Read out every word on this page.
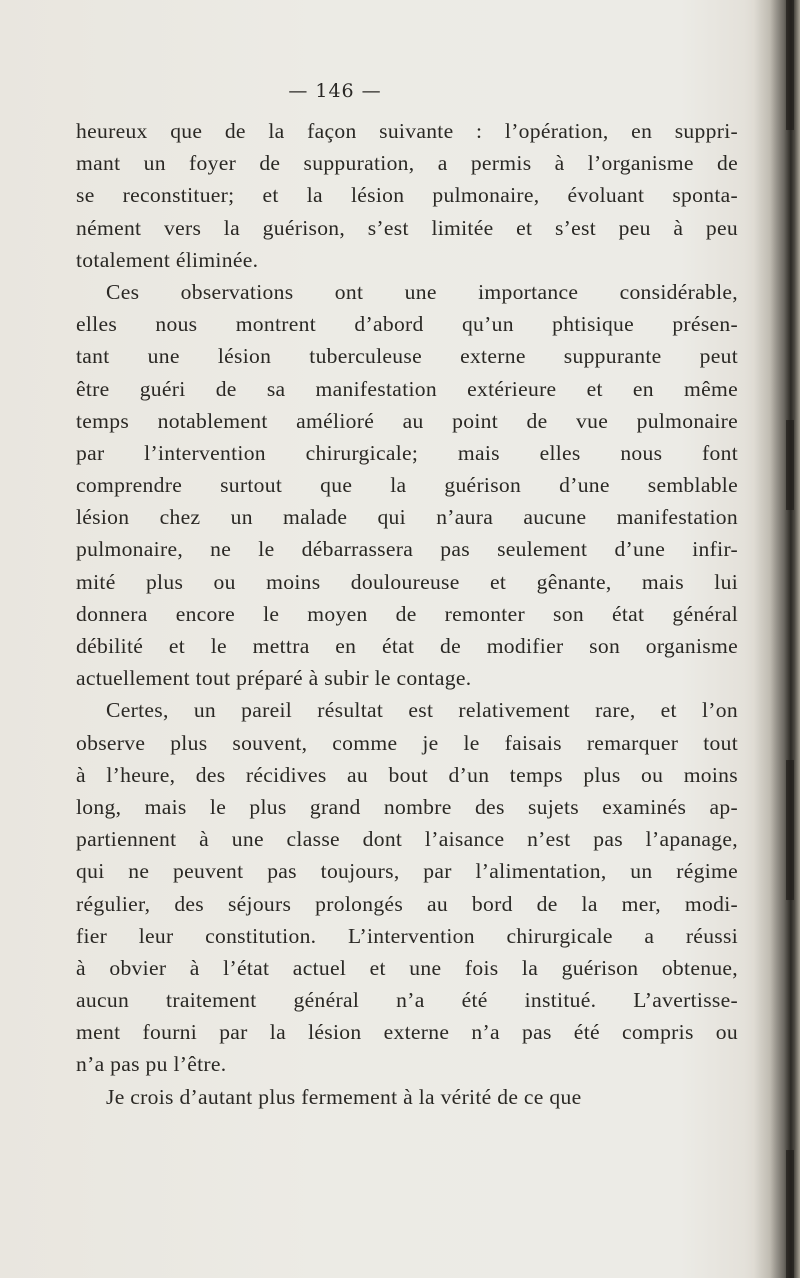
— 146 —
heureux que de la façon suivante : l’opération, en suppri-
mant un foyer de suppuration, a permis à l’organisme de
se reconstituer; et la lésion pulmonaire, évoluant sponta-
nément vers la guérison, s’est limitée et s’est peu à peu
totalement éliminée.
Ces observations ont une importance considérable,
elles nous montrent d’abord qu’un phtisique présen-
tant une lésion tuberculeuse externe suppurante peut
être guéri de sa manifestation extérieure et en même
temps notablement amélioré au point de vue pulmonaire
par l’intervention chirurgicale; mais elles nous font
comprendre surtout que la guérison d’une semblable
lésion chez un malade qui n’aura aucune manifestation
pulmonaire, ne le débarrassera pas seulement d’une infir-
mité plus ou moins douloureuse et gênante, mais lui
donnera encore le moyen de remonter son état général
débilité et le mettra en état de modifier son organisme
actuellement tout préparé à subir le contage.
Certes, un pareil résultat est relativement rare, et l’on
observe plus souvent, comme je le faisais remarquer tout
à l’heure, des récidives au bout d’un temps plus ou moins
long, mais le plus grand nombre des sujets examinés ap-
partiennent à une classe dont l’aisance n’est pas l’apanage,
qui ne peuvent pas toujours, par l’alimentation, un régime
régulier, des séjours prolongés au bord de la mer, modi-
fier leur constitution. L’intervention chirurgicale a réussi
à obvier à l’état actuel et une fois la guérison obtenue,
aucun traitement général n’a été institué. L’avertisse-
ment fourni par la lésion externe n’a pas été compris ou
n’a pas pu l’être.
Je crois d’autant plus fermement à la vérité de ce que
